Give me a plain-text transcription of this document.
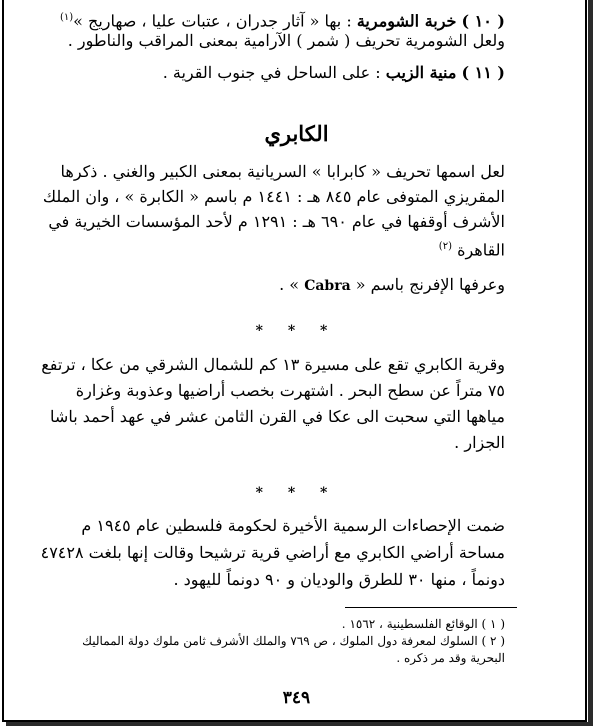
( ١٠ ) خربة الشومرية : بها « آثار جدران ، عتبات عليا ، صهاريج »$^{(١)}$
ولعل الشومرية تحريف ( شمر ) الآرامية بمعنى المراقب والناطور .
( ١١ ) منية الزيب : على الساحل في جنوب القرية .
الكابري
لعل اسمها تحريف « كابرابا » السريانية بمعنى الكبير والغني . ذكرها
المقريزي المتوفى عام ٨٤٥ هـ : ١٤٤١ م باسم « الكابرة » ، وان الملك
الأشرف أوقفها في عام ٦٩٠ هـ : ١٢٩١ م لأحد المؤسسات الخيرية في
القاهرة $^{(٢)}$
وعرفها الإفرنج باسم « Cabra » .
* * *
وقرية الكابري تقع على مسيرة ١٣ كم للشمال الشرقي من عكا ، ترتفع
٧٥ متراً عن سطح البحر . اشتهرت بخصب أراضيها وعذوبة وغزارة
مياهها التي سحبت الى عكا في القرن الثامن عشر في عهد أحمد باشا
الجزار .
* * *
ضمت الإحصاءات الرسمية الأخيرة لحكومة فلسطين عام ١٩٤٥ م
مساحة أراضي الكابري مع أراضي قرية ترشيحا وقالت إنها بلغت ٤٧٤٢٨
دونماً ، منها ٣٠ للطرق والوديان و ٩٠ دونماً لليهود .
( ١ ) الوقائع الفلسطينية ، ١٥٦٢ .
( ٢ ) السلوك لمعرفة دول الملوك ، ص ٧٦٩ والملك الأشرف ثامن ملوك دولة المماليك
البحرية وقد مر ذكره .
٣٤٩
